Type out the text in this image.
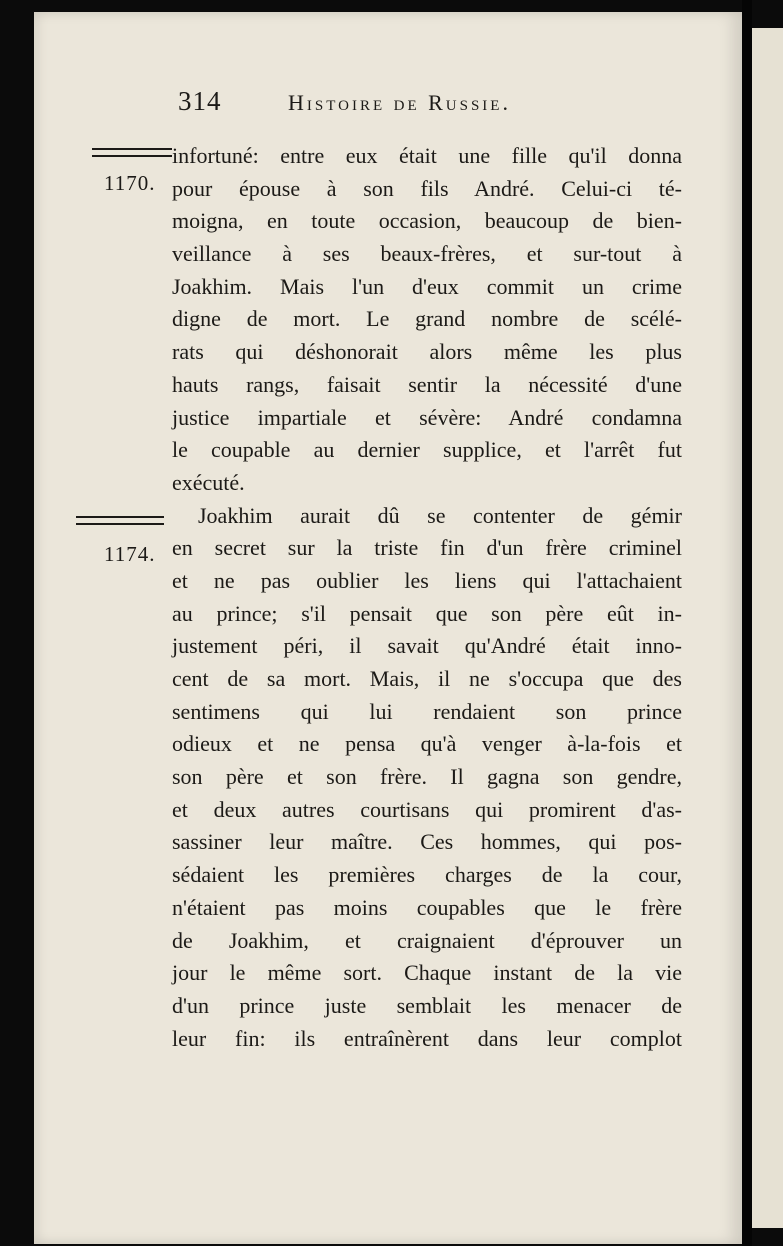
314	Histoire de Russie.
1170.
1174.
infortuné: entre eux était une fille qu'il donna
pour épouse à son fils André. Celui-ci té-
moigna, en toute occasion, beaucoup de bien-
veillance à ses beaux-frères, et sur-tout à
Joakhim. Mais l'un d'eux commit un crime
digne de mort. Le grand nombre de scélé-
rats qui déshonorait alors même les plus
hauts rangs, faisait sentir la nécessité d'une
justice impartiale et sévère: André condamna
le coupable au dernier supplice, et l'arrêt fut
exécuté.
Joakhim aurait dû se contenter de gémir
en secret sur la triste fin d'un frère criminel
et ne pas oublier les liens qui l'attachaient
au prince; s'il pensait que son père eût in-
justement péri, il savait qu'André était inno-
cent de sa mort. Mais, il ne s'occupa que des
sentimens qui lui rendaient son prince
odieux et ne pensa qu'à venger à-la-fois et
son père et son frère. Il gagna son gendre,
et deux autres courtisans qui promirent d'as-
sassiner leur maître. Ces hommes, qui pos-
sédaient les premières charges de la cour,
n'étaient pas moins coupables que le frère
de Joakhim, et craignaient d'éprouver un
jour le même sort. Chaque instant de la vie
d'un prince juste semblait les menacer de
leur fin: ils entraînèrent dans leur complot
